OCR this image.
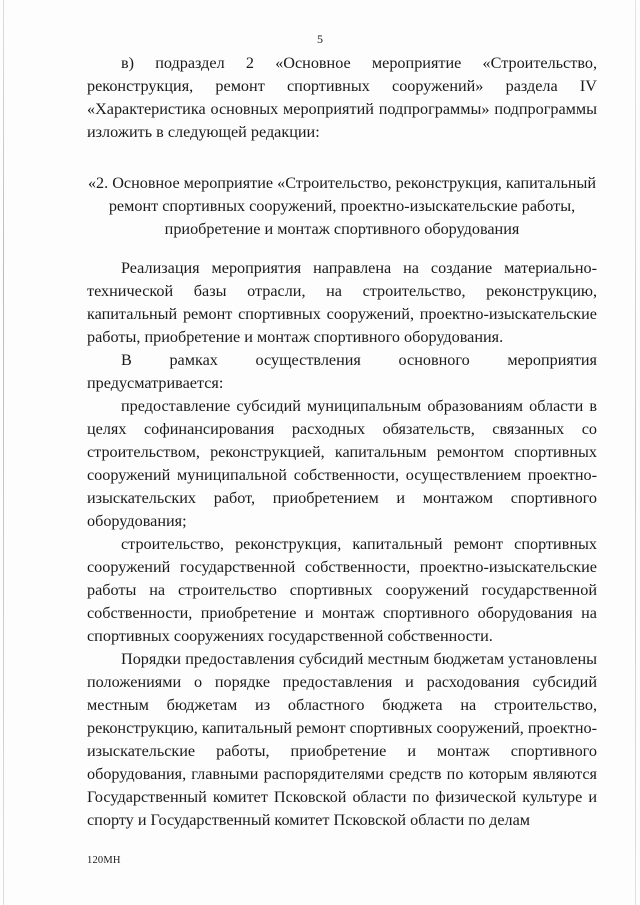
5

в) подраздел 2 «Основное мероприятие «Строительство, реконструкция, ремонт спортивных сооружений» раздела IV «Характеристика основных мероприятий подпрограммы» подпрограммы изложить в следующей редакции:

«2. Основное мероприятие «Строительство, реконструкция, капитальный
ремонт спортивных сооружений, проектно-изыскательские работы,
приобретение и монтаж спортивного оборудования

Реализация мероприятия направлена на создание материально-технической базы отрасли, на строительство, реконструкцию, капитальный ремонт спортивных сооружений, проектно-изыскательские работы, приобретение и монтаж спортивного оборудования.

В рамках осуществления основного мероприятия предусматривается:

предоставление субсидий муниципальным образованиям области в целях софинансирования расходных обязательств, связанных со строительством, реконструкцией, капитальным ремонтом спортивных сооружений муниципальной собственности, осуществлением проектно-изыскательских работ, приобретением и монтажом спортивного оборудования;

строительство, реконструкция, капитальный ремонт спортивных сооружений государственной собственности, проектно-изыскательские работы на строительство спортивных сооружений государственной собственности, приобретение и монтаж спортивного оборудования на спортивных сооружениях государственной собственности.

Порядки предоставления субсидий местным бюджетам установлены положениями о порядке предоставления и расходования субсидий местным бюджетам из областного бюджета на строительство, реконструкцию, капитальный ремонт спортивных сооружений, проектно-изыскательские работы, приобретение и монтаж спортивного оборудования, главными распорядителями средств по которым являются Государственный комитет Псковской области по физической культуре и спорту и Государственный комитет Псковской области по делам

120МН
